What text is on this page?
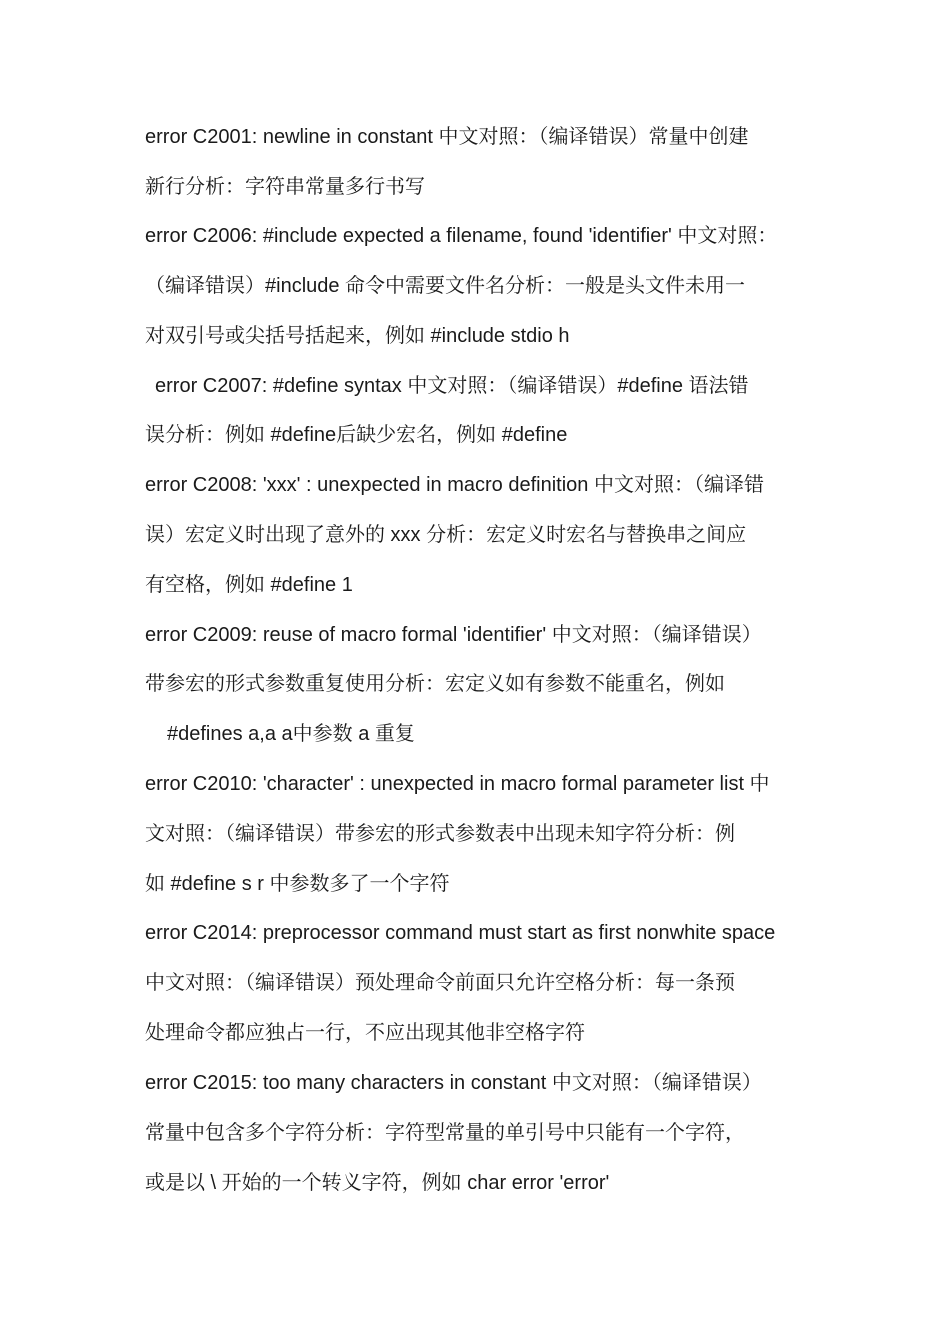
error C2001: newline in constant 中文对照：（编译错误）常量中创建
新行分析：字符串常量多行书写
error C2006: #include expected a filename, found 'identifier' 中文对照：
（编译错误）#include 命令中需要文件名分析：一般是头文件未用一
对双引号或尖括号括起来，例如 #include stdio h
error C2007: #define syntax 中文对照：（编译错误）#define 语法错
误分析：例如 #define后缺少宏名，例如 #define
error C2008: 'xxx' : unexpected in macro definition 中文对照：（编译错
误）宏定义时出现了意外的 xxx 分析：宏定义时宏名与替换串之间应
有空格，例如 #define 1
error C2009: reuse of macro formal 'identifier' 中文对照：（编译错误）
带参宏的形式参数重复使用分析：宏定义如有参数不能重名，例如
#defines a,a a中参数 a 重复
error C2010: 'character' : unexpected in macro formal parameter list 中
文对照：（编译错误）带参宏的形式参数表中出现未知字符分析：例
如 #define s r 中参数多了一个字符
error C2014: preprocessor command must start as first nonwhite space
中文对照：（编译错误）预处理命令前面只允许空格分析：每一条预
处理命令都应独占一行，不应出现其他非空格字符
error C2015: too many characters in constant 中文对照：（编译错误）
常量中包含多个字符分析：字符型常量的单引号中只能有一个字符，
或是以 \ 开始的一个转义字符，例如 char error 'error'
